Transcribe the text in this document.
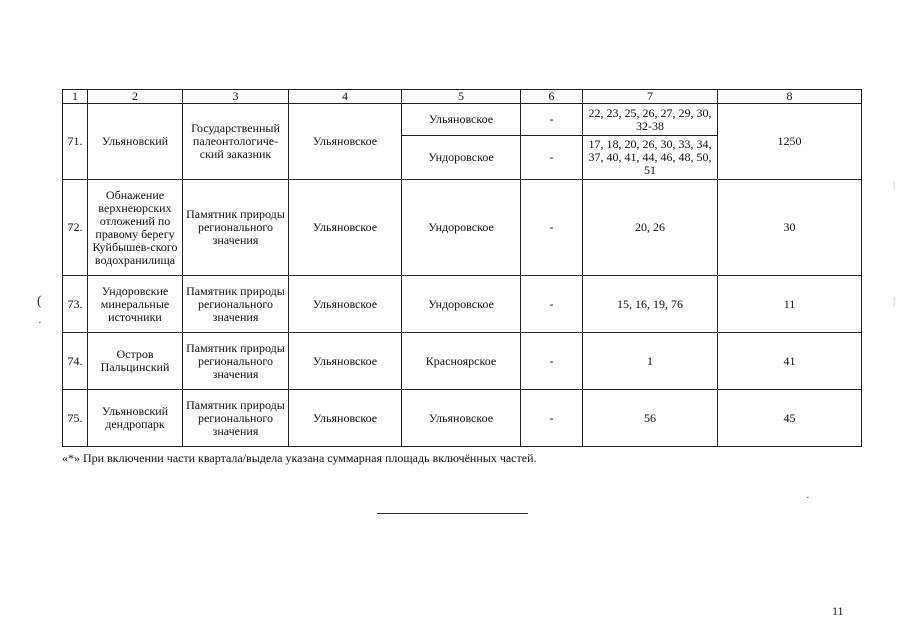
1	2	3	4	5	6	7	8
71.	Ульяновский	Государственный палеонтологиче-ский заказник	Ульяновское	Ульяновское	-	22, 23, 25, 26, 27, 29, 30, 32-38	1250
				Ундоровское	-	17, 18, 20, 26, 30, 33, 34, 37, 40, 41, 44, 46, 48, 50, 51	
72.	Обнажение верхнеюрских отложений по правому берегу Куйбышев-ского водохранилища	Памятник природы регионального значения	Ульяновское	Ундоровское	-	20, 26	30
73.	Ундоровские минеральные источники	Памятник природы регионального значения	Ульяновское	Ундоровское	-	15, 16, 19, 76	11
74.	Остров Пальцинский	Памятник природы регионального значения	Ульяновское	Красноярское	-	1	41
75.	Ульяновский дендропарк	Памятник природы регионального значения	Ульяновское	Ульяновское	-	56	45
«*» При включении части квартала/выдела указана суммарная площадь включённых частей.
11
(
·
·
|
|
